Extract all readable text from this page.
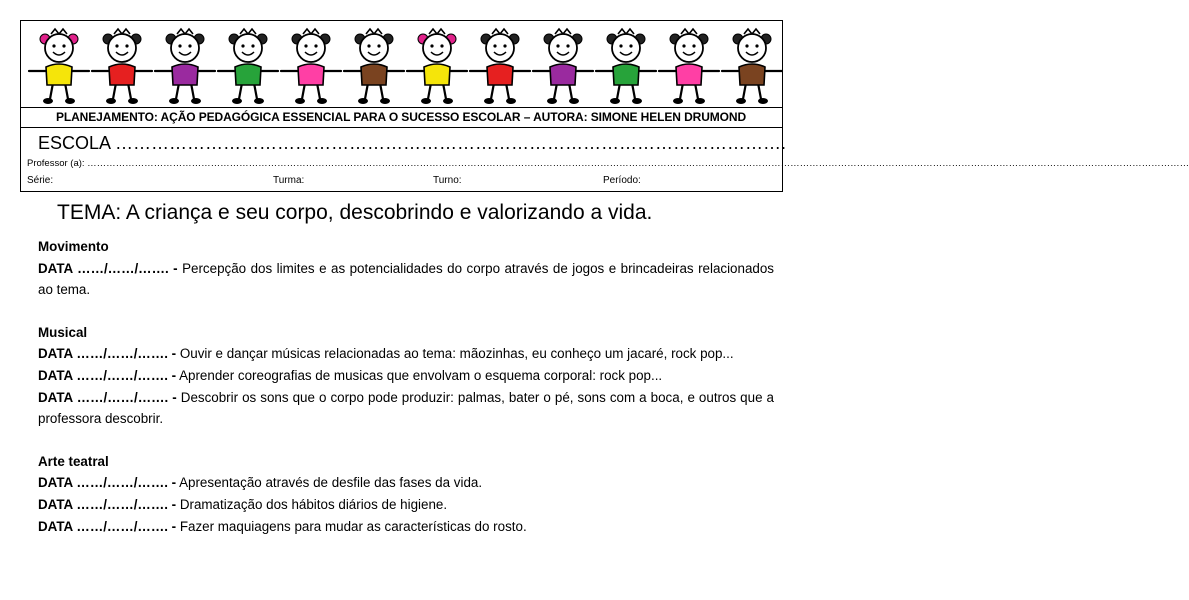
PLANEJAMENTO: AÇÃO PEDAGÓGICA ESSENCIAL PARA O SUCESSO ESCOLAR – AUTORA: SIMONE HELEN DRUMOND
ESCOLA ………………………………………………………………………………………………….
Professor (a): ……………………………………………………………………………………………………………………………………………………………………………………………………………………………………………………………………………………………………………………
Série:	Turma:	Turno:	Período:
TEMA: A criança e seu corpo, descobrindo e valorizando a vida.

Movimento

DATA ……/……/……. - Percepção dos limites e as potencialidades do corpo através de jogos e brincadeiras relacionados ao tema.

Musical

DATA ……/……/……. - Ouvir e dançar músicas relacionadas ao tema: mãozinhas, eu conheço um jacaré, rock pop...

DATA ……/……/……. - Aprender coreografias de musicas que envolvam o esquema corporal: rock pop...

DATA ……/……/……. - Descobrir os sons que o corpo pode produzir: palmas, bater o pé, sons com a boca, e outros que a professora descobrir.

Arte teatral

DATA ……/……/……. - Apresentação através de desfile das fases da vida.

DATA ……/……/……. - Dramatização dos hábitos diários de higiene.

DATA ……/……/……. - Fazer maquiagens para mudar as características do rosto.
